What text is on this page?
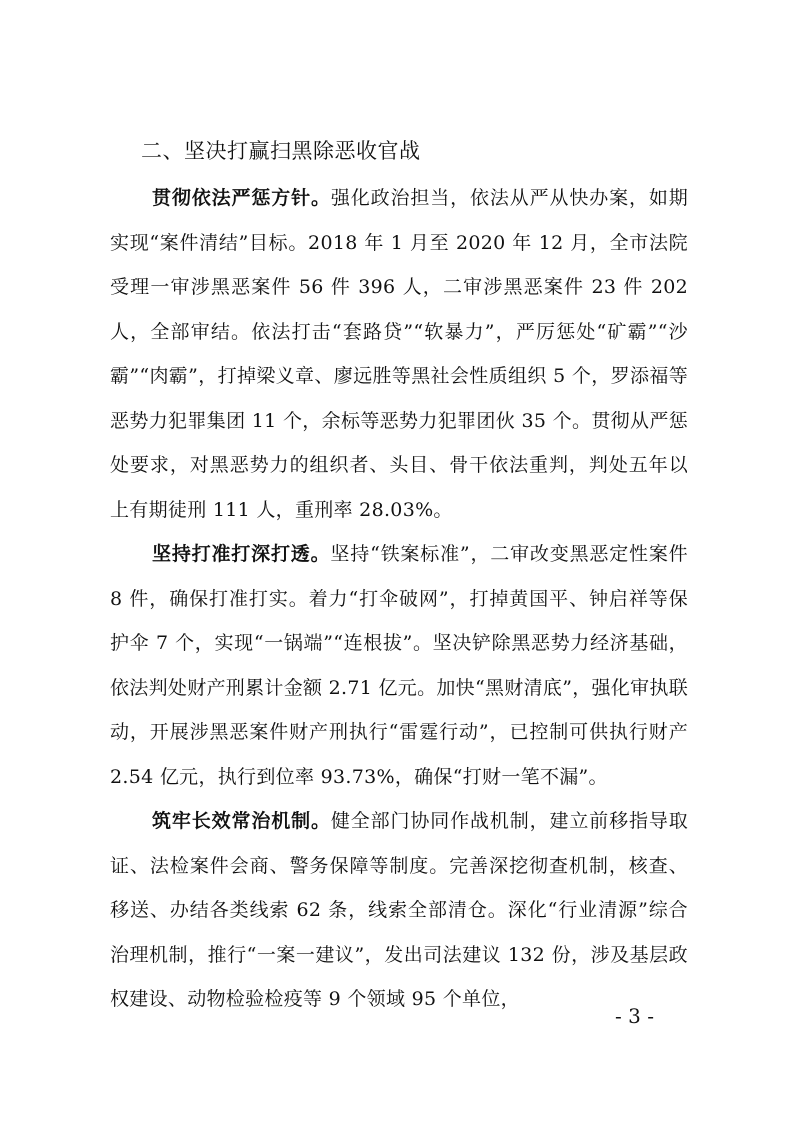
二、坚决打赢扫黑除恶收官战

贯彻依法严惩方针。强化政治担当，依法从严从快办案，如期实现“案件清结”目标。2018 年 1 月至 2020 年 12 月，全市法院受理一审涉黑恶案件 56 件 396 人，二审涉黑恶案件 23 件 202 人，全部审结。依法打击“套路贷”“软暴力”，严厉惩处“矿霸”“沙霸”“肉霸”，打掉梁义章、廖远胜等黑社会性质组织 5 个，罗添福等恶势力犯罪集团 11 个，余标等恶势力犯罪团伙 35 个。贯彻从严惩处要求，对黑恶势力的组织者、头目、骨干依法重判，判处五年以上有期徒刑 111 人，重刑率 28.03%。

坚持打准打深打透。坚持“铁案标准”，二审改变黑恶定性案件 8 件，确保打准打实。着力“打伞破网”，打掉黄国平、钟启祥等保护伞 7 个，实现“一锅端”“连根拔”。坚决铲除黑恶势力经济基础，依法判处财产刑累计金额 2.71 亿元。加快“黑财清底”，强化审执联动，开展涉黑恶案件财产刑执行“雷霆行动”，已控制可供执行财产 2.54 亿元，执行到位率 93.73%，确保“打财一笔不漏”。

筑牢长效常治机制。健全部门协同作战机制，建立前移指导取证、法检案件会商、警务保障等制度。完善深挖彻查机制，核查、移送、办结各类线索 62 条，线索全部清仓。深化“行业清源”综合治理机制，推行“一案一建议”，发出司法建议 132 份，涉及基层政权建设、动物检验检疫等 9 个领域 95 个单位，

- 3 -
